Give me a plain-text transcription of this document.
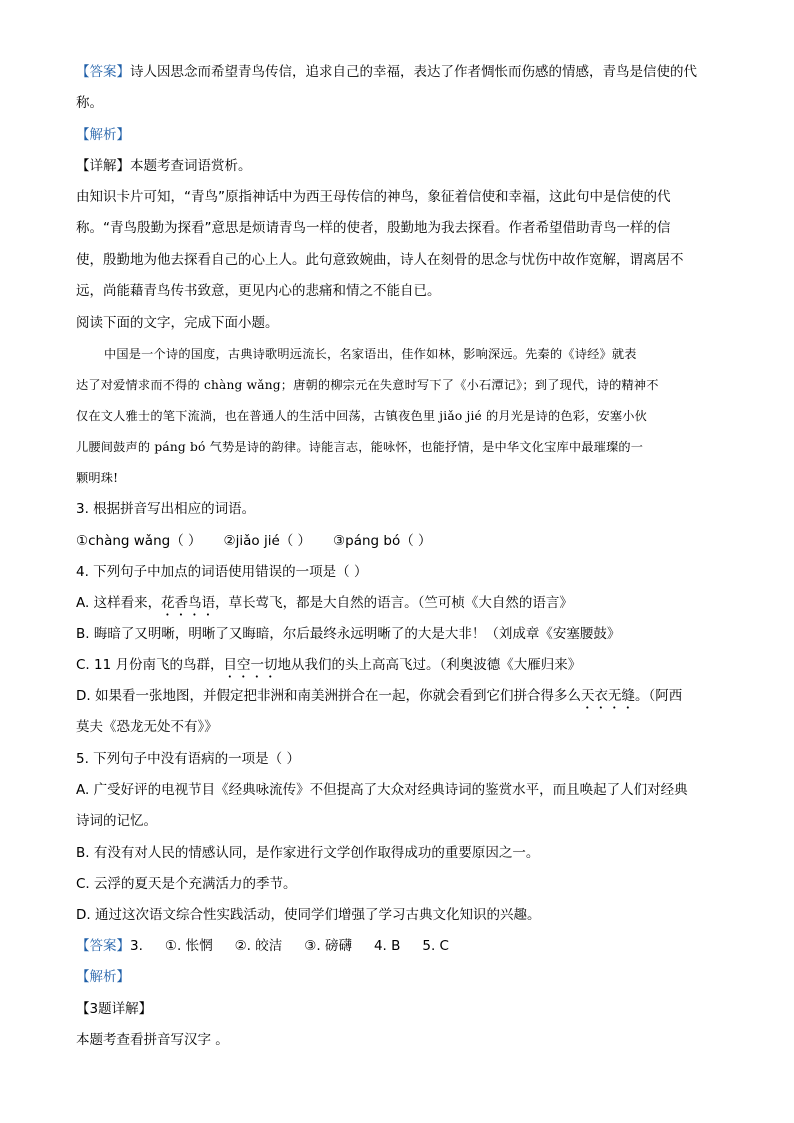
【答案】诗人因思念而希望青鸟传信，追求自己的幸福，表达了作者惆怅而伤感的情感，青鸟是信使的代
称。
【解析】
【详解】本题考查词语赏析。
由知识卡片可知，“青鸟”原指神话中为西王母传信的神鸟，象征着信使和幸福，这此句中是信使的代
称。“青鸟殷勤为探看”意思是烦请青鸟一样的使者，殷勤地为我去探看。作者希望借助青鸟一样的信
使，殷勤地为他去探看自己的心上人。此句意致婉曲，诗人在刻骨的思念与忧伤中故作宽解，谓离居不
远，尚能藉青鸟传书致意，更见内心的悲痛和情之不能自已。
阅读下面的文字，完成下面小题。
中国是一个诗的国度，古典诗歌明远流长，名家语出，佳作如林，影响深远。先秦的《诗经》就表
达了对爱情求而不得的 chàng wǎng；唐朝的柳宗元在失意时写下了《小石潭记》；到了现代，诗的精神不
仅在文人雅士的笔下流淌，也在普通人的生活中回荡，古镇夜色里 jiǎo jié 的月光是诗的色彩，安塞小伙
儿腰间鼓声的 páng bó 气势是诗的韵律。诗能言志，能咏怀，也能抒情，是中华文化宝库中最璀璨的一
颗明珠!
3. 根据拼音写出相应的词语。
①chàng wǎng（ ） ②jiǎo jié（ ） ③páng bó（ ）
4. 下列句子中加点的词语使用错误的一项是（ ）
A. 这样看来，花香鸟语，草长莺飞，都是大自然的语言。（竺可桢《大自然的语言》
B. 晦暗了又明晰，明晰了又晦暗，尔后最终永远明晰了的大是大非！（刘成章《安塞腰鼓》
C. 11 月份南飞的鸟群，目空一切地从我们的头上高高飞过。（利奥波德《大雁归来》
D. 如果看一张地图，并假定把非洲和南美洲拼合在一起，你就会看到它们拼合得多么天衣无缝。（阿西
莫夫《恐龙无处不有》》
5. 下列句子中没有语病的一项是（ ）
A. 广受好评的电视节目《经典咏流传》不但提高了大众对经典诗词的鉴赏水平，而且唤起了人们对经典
诗词的记忆。
B. 有没有对人民的情感认同，是作家进行文学创作取得成功的重要原因之一。
C. 云浮的夏天是个充满活力的季节。
D. 通过这次语文综合性实践活动，使同学们增强了学习古典文化知识的兴趣。
【答案】3. ①. 怅惘 ②. 皎洁 ③. 磅礴 4. B 5. C
【解析】
【3题详解】
本题考查看拼音写汉字 。
